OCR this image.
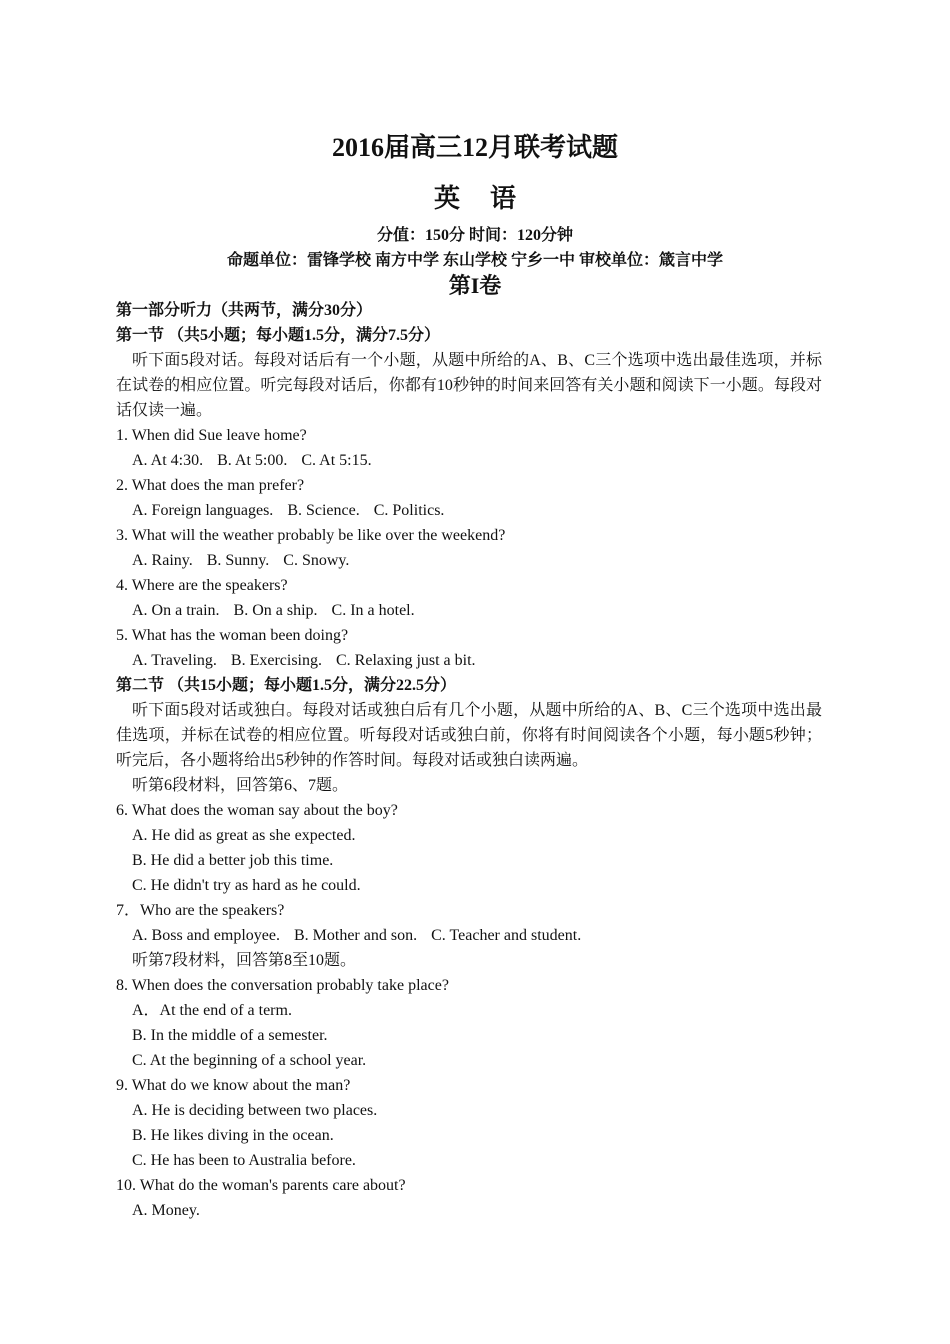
2016届高三12月联考试题
英语
分值：150分 时间：120分钟
命题单位：雷锋学校 南方中学 东山学校 宁乡一中 审校单位：箴言中学
第I卷
第一部分听力（共两节，满分30分）
第一节 （共5小题；每小题1.5分，满分7.5分）
听下面5段对话。每段对话后有一个小题，从题中所给的A、B、C三个选项中选出最佳选项，并标在试卷的相应位置。听完每段对话后，你都有10秒钟的时间来回答有关小题和阅读下一小题。每段对话仅读一遍。
1. When did Sue leave home?
A. At 4:30. B. At 5:00. C. At 5:15.
2. What does the man prefer?
A. Foreign languages. B. Science. C. Politics.
3. What will the weather probably be like over the weekend?
A. Rainy. B. Sunny. C. Snowy.
4. Where are the speakers?
A. On a train. B. On a ship. C. In a hotel.
5. What has the woman been doing?
A. Traveling. B. Exercising. C. Relaxing just a bit.
第二节 （共15小题；每小题1.5分，满分22.5分）
听下面5段对话或独白。每段对话或独白后有几个小题，从题中所给的A、B、C三个选项中选出最佳选项，并标在试卷的相应位置。听每段对话或独白前，你将有时间阅读各个小题，每小题5秒钟；听完后，各小题将给出5秒钟的作答时间。每段对话或独白读两遍。
听第6段材料，回答第6、7题。
6. What does the woman say about the boy?
A. He did as great as she expected.
B. He did a better job this time.
C. He didn't try as hard as he could.
7．Who are the speakers?
A. Boss and employee. B. Mother and son. C. Teacher and student.
听第7段材料，回答第8至10题。
8. When does the conversation probably take place?
A．At the end of a term.
B. In the middle of a semester.
C. At the beginning of a school year.
9. What do we know about the man?
A. He is deciding between two places.
B. He likes diving in the ocean.
C. He has been to Australia before.
10. What do the woman's parents care about?
A. Money.
